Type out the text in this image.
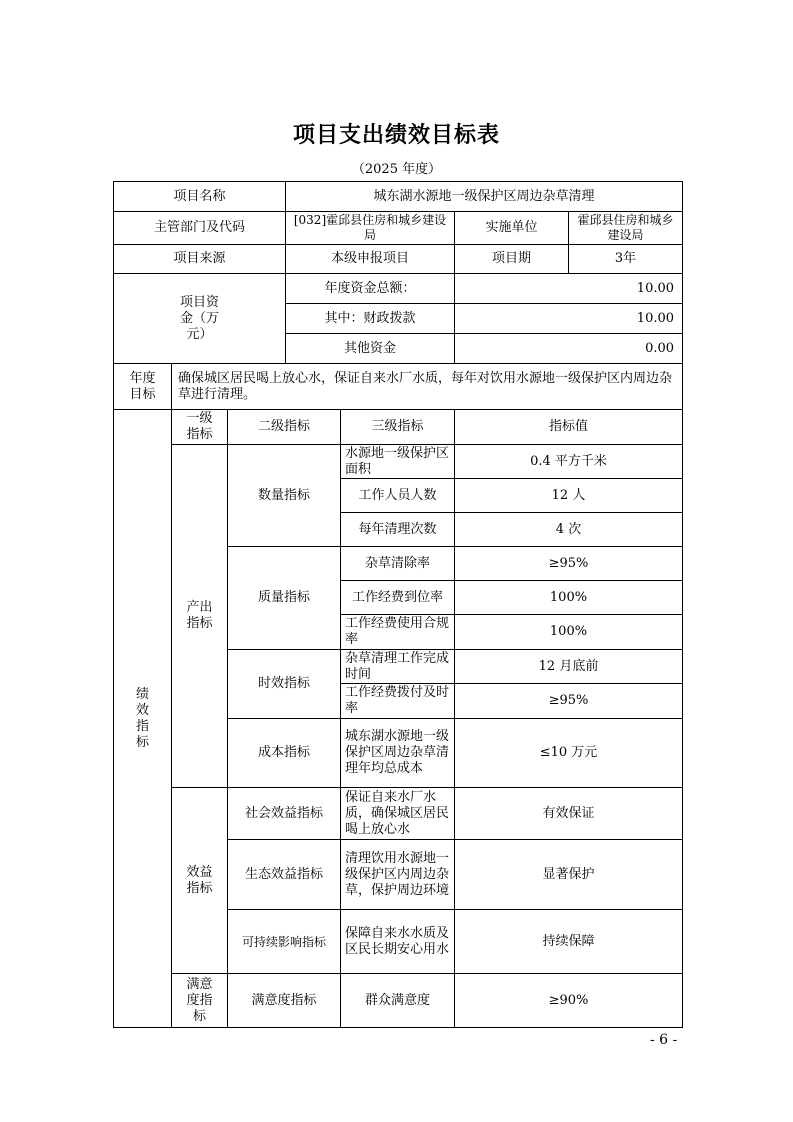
项目支出绩效目标表
（2025 年度）
项目名称	城东湖水源地一级保护区周边杂草清理		
主管部门及代码	[032]霍邱县住房和城乡建设局	实施单位	霍邱县住房和城乡建设局
项目来源	本级申报项目	项目期	3年
项目资金（万元）	年度资金总额：	10.00	
	其中：财政拨款	10.00	
	其他资金	0.00	
年度目标	确保城区居民喝上放心水，保证自来水厂水质，每年对饮用水源地一级保护区内周边杂草进行清理。
绩效指标	一级指标	二级指标	三级指标	指标值
	产出指标	数量指标	水源地一级保护区面积	0.4 平方千米
			工作人员人数	12 人
			每年清理次数	4 次
		质量指标	杂草清除率	≥95%
			工作经费到位率	100%
			工作经费使用合规率	100%
		时效指标	杂草清理工作完成时间	12 月底前
			工作经费拨付及时率	≥95%
		成本指标	城东湖水源地一级保护区周边杂草清理年均总成本	≤10 万元
	效益指标	社会效益指标	保证自来水厂水质，确保城区居民喝上放心水	有效保证
		生态效益指标	清理饮用水源地一级保护区内周边杂草，保护周边环境	显著保护
		可持续影响指标	保障自来水水质及区民长期安心用水	持续保障
	满意度指标	满意度指标	群众满意度	≥90%
- 6 -
